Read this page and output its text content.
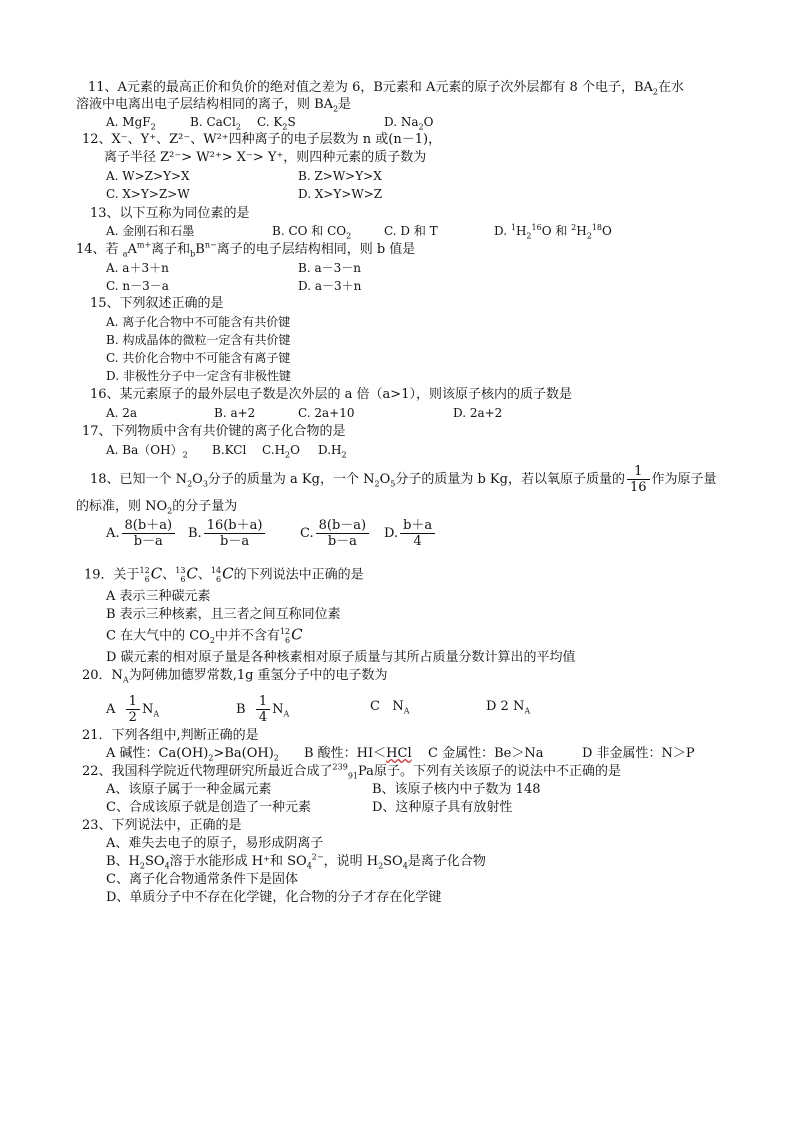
11、A元素的最高正价和负价的绝对值之差为 6，B元素和 A元素的原子次外层都有 8 个电子，$BA_2$在水
溶液中电离出电子层结构相同的离子，则 $BA_2$是
A. MgF$_2$	B. CaCl$_2$ C. $K_2S$	D. $Na_2O$
12、X⁻、Y⁺、Z²⁻、W²⁺四种离子的电子层数为 n 或(n－1)，
离子半径 Z²⁻> W²⁺> X⁻> Y⁺，则四种元素的质子数为
A. W>Z>Y>X	B. Z>W>Y>X
C. X>Y>Z>W	D. X>Y>W>Z
13、以下互称为同位素的是
A. 金刚石和石墨	B. CO 和 $CO_2$	C. D 和 T	D. $^1H_2^{16}O$ 和 $^2H_2^{18}O$
14、若 $_aA^{m+}$离子和$_bB^{n-}$离子的电子层结构相同，则 b 值是
A. a＋3＋n	B. a－3－n
C. n－3－a	D. a－3＋n
15、下列叙述正确的是
A. 离子化合物中不可能含有共价键
B. 构成晶体的微粒一定含有共价键
C. 共价化合物中不可能含有离子键
D. 非极性分子中一定含有非极性键
16、某元素原子的最外层电子数是次外层的 a 倍（a>1），则该原子核内的质子数是
A. 2a	B. a+2	C. 2a+10	D. 2a+2
17、下列物质中含有共价键的离子化合物的是
A. $Ba(OH)_2$ B.KCl $C.H_2O$ $D.H_2$
18、已知一个 $N_2O_3$分子的质量为 a Kg，一个 $N_2O_5$分子的质量为 b Kg，若以氧原子质量的 $\frac{1}{16}$ 作为原子量
的标准，则 $NO_2$的分子量为
A. $\frac{8(b+a)}{b-a} B$. $\frac{16(b+a)}{b-a}$	C. $\frac{8(b-a)}{b-a} D$. $\frac{b+a}{4}$
19．关于12
6C、13
6C、14
6C的下列说法中正确的是
A 表示三种碳元素
B 表示三种核素，且三者之间互称同位素
C 在大气中的 $CO_2$中并不含有12
6C
D 碳元素的相对原子量是各种核素相对原子质量与其所占质量分数计算出的平均值
20．$N_A$为阿佛加德罗常数,1g 重氢分子中的电子数为
A $\frac{1}{2} N_A$	B $\frac{1}{4} N_A$
C $N_A$	D 2 $N_A$
21．下列各组中,判断正确的是
A 碱性：$Ca(OH)_2>Ba(OH)_2$ B 酸性：HI＜HCl C 金属性：Be＞Na	D 非金属性：N＞P
22、我国科学院近代物理研究所最近合成了$^{239}_{91}$Pa原子。下列有关该原子的说法中不正确的是
A、该原子属于一种金属元素	B、该原子核内中子数为 148
C、合成该原子就是创造了一种元素	D、这种原子具有放射性
23、下列说法中，正确的是
A、难失去电子的原子，易形成阴离子
B、$H_2SO_4$溶于水能形成 H⁺和 $SO_4^{2-}$，说明 $H_2SO_4$是离子化合物
C、离子化合物通常条件下是固体
D、单质分子中不存在化学键，化合物的分子才存在化学键
